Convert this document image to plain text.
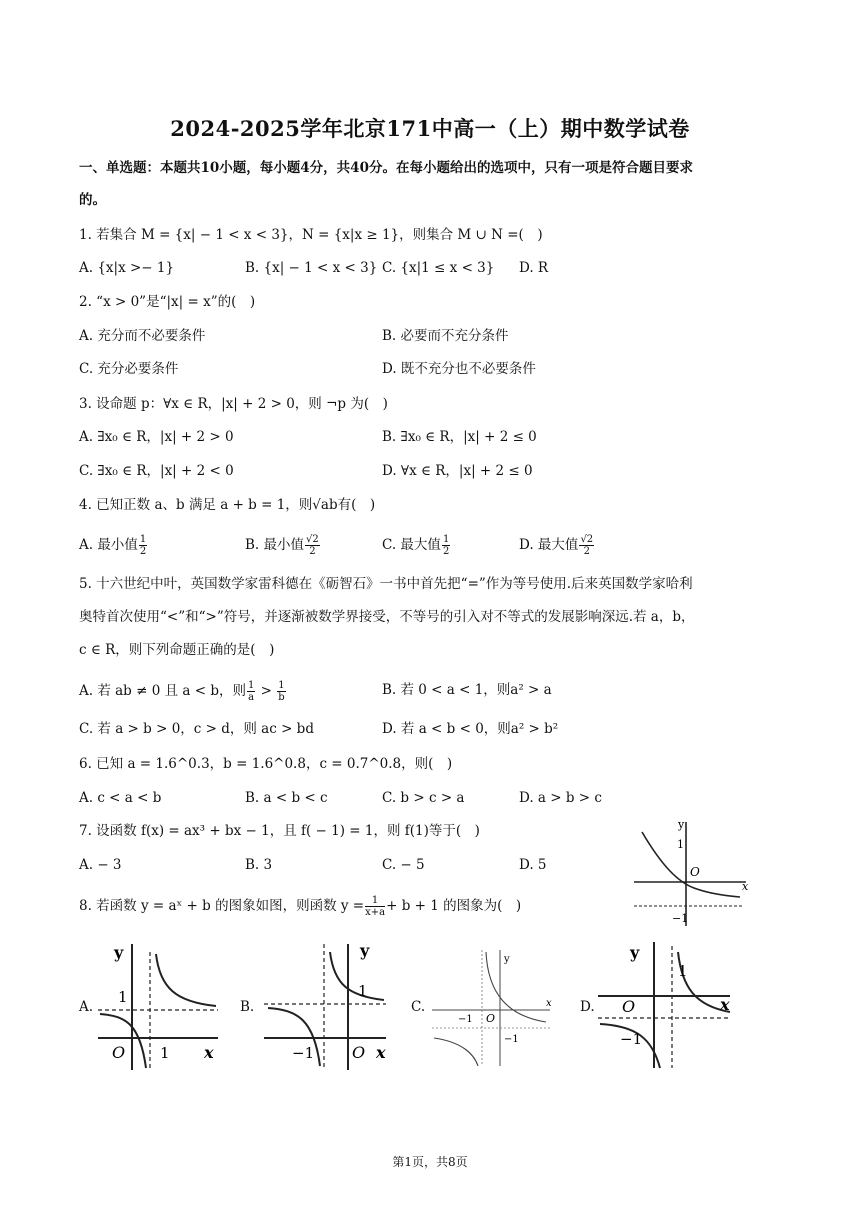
2024-2025学年北京171中高一（上）期中数学试卷
一、单选题：本题共10小题，每小题4分，共40分。在每小题给出的选项中，只有一项是符合题目要求
的。
1. 若集合 M = {x| − 1 < x < 3}，N = {x|x ≥ 1}，则集合 M ∪ N =(　)
A. {x|x >− 1}	B. {x| − 1 < x < 3} C. {x|1 ≤ x < 3} D. R
2. “x > 0”是“|x| = x”的(　)
A. 充分而不必要条件	B. 必要而不充分条件
C. 充分必要条件	D. 既不充分也不必要条件
3. 设命题 p：∀x ∈ R，|x| + 2 > 0，则 ¬p 为(　)
A. ∃x₀ ∈ R，|x| + 2 > 0	B. ∃x₀ ∈ R，|x| + 2 ≤ 0
C. ∃x₀ ∈ R，|x| + 2 < 0	D. ∀x ∈ R，|x| + 2 ≤ 0
4. 已知正数 a、b 满足 a + b = 1，则√ab有(　)
A. 最小值 $\frac{1}{2}$	B. 最小值 $\frac{√2}{2}$	C. 最大值 $\frac{1}{2}$	D. 最大值 $\frac{√2}{2}$
5. 十六世纪中叶，英国数学家雷科德在《砺智石》一书中首先把“=”作为等号使用.后来英国数学家哈利
奥特首次使用“<”和“>”符号，并逐渐被数学界接受，不等号的引入对不等式的发展影响深远.若 a，b，
c ∈ R，则下列命题正确的是(　)
A. 若 ab ≠ 0 且 a < b，则 $\frac{1}{a} > \frac{1}{b}$	B. 若 0 < a < 1，则a² > a
C. 若 a > b > 0，c > d，则 ac > bd	D. 若 a < b < 0，则a² > b²
6. 已知 a = 1.6^0.3，b = 1.6^0.8，c = 0.7^0.8，则(　)
A. c < a < b	B. a < b < c	C. b > c > a	D. a > b > c
7. 设函数 f(x) = ax³ + bx − 1，且 f( − 1) = 1，则 f(1)等于(　)
A. − 3	B. 3	C. − 5	D. 5
y
x
O
1
−1
8. 若函数 y = aˣ + b 的图象如图，则函数 $y = \frac{1}{x+a} + b + 1$ 的图象为(　)
A.	B.	C.	D.
y
x
O
1
1
y
x
O
1
−1
y
x
O
−1
−1
y
x
O
1
−1
第1页，共8页
